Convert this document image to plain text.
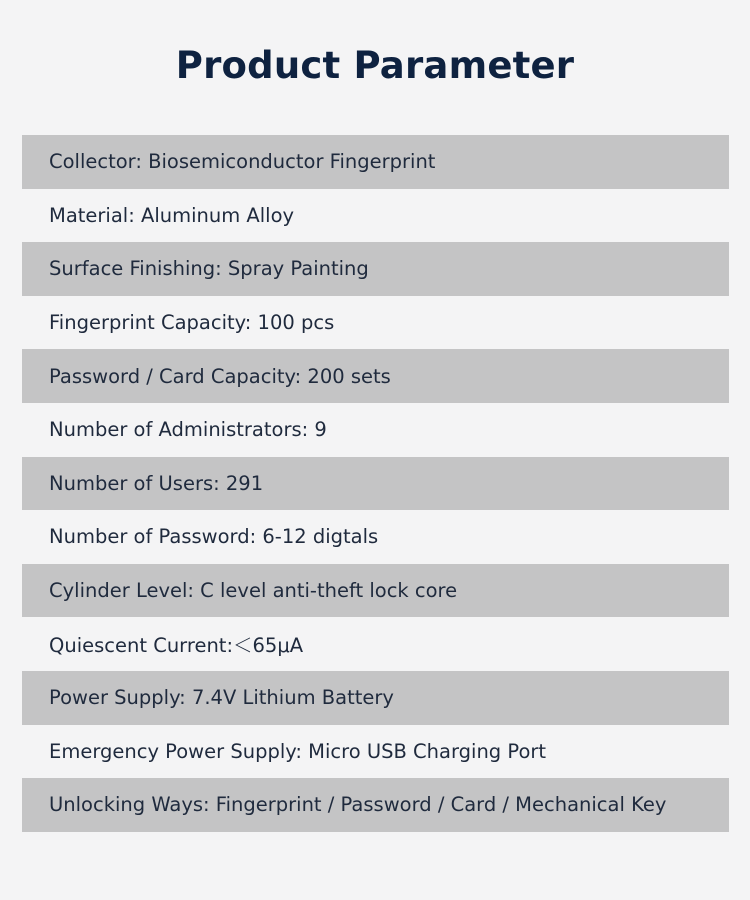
Product Parameter
Collector: Biosemiconductor Fingerprint
Material: Aluminum Alloy
Surface Finishing: Spray Painting
Fingerprint Capacity: 100 pcs
Password / Card Capacity: 200 sets
Number of Administrators: 9
Number of Users: 291
Number of Password: 6-12 digtals
Cylinder Level: C level anti-theft lock core
Quiescent Current:＜65μA
Power Supply: 7.4V Lithium Battery
Emergency Power Supply: Micro USB Charging Port
Unlocking Ways: Fingerprint / Password / Card / Mechanical Key
